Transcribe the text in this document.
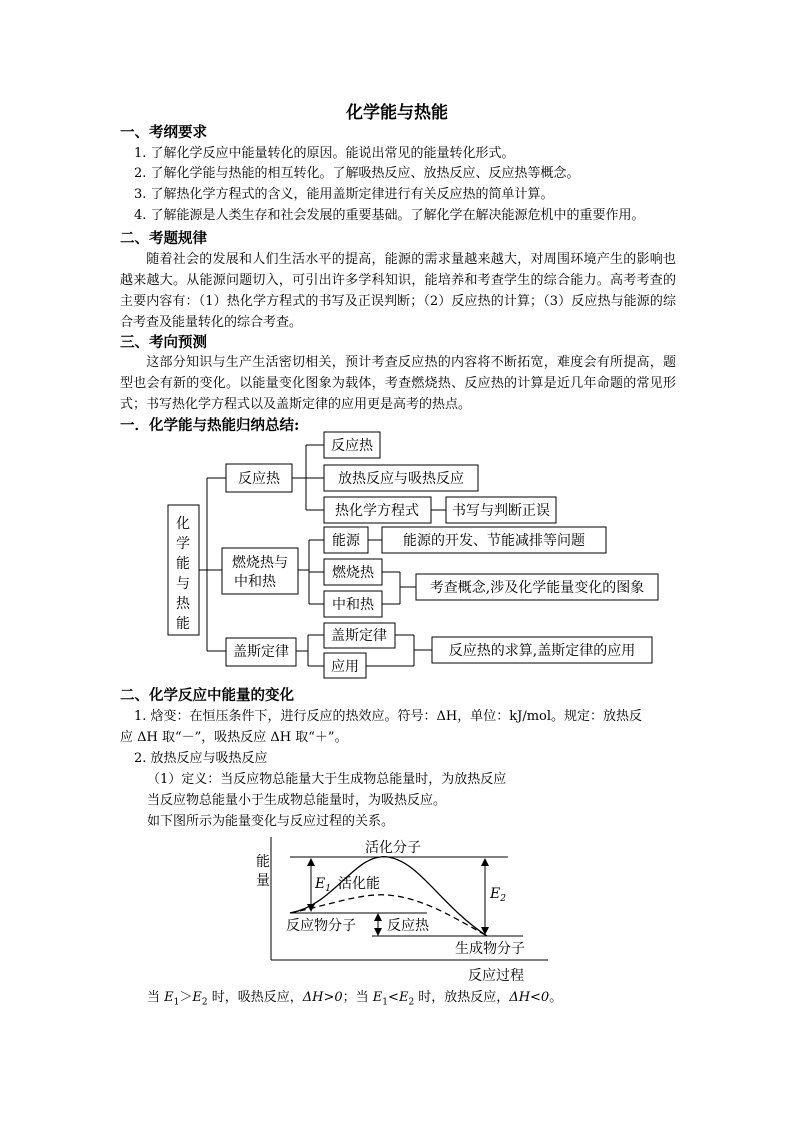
化学能与热能
一、考纲要求
1. 了解化学反应中能量转化的原因。能说出常见的能量转化形式。
2. 了解化学能与热能的相互转化。了解吸热反应、放热反应、反应热等概念。
3. 了解热化学方程式的含义，能用盖斯定律进行有关反应热的简单计算。
4. 了解能源是人类生存和社会发展的重要基础。了解化学在解决能源危机中的重要作用。
二、考题规律
随着社会的发展和人们生活水平的提高，能源的需求量越来越大，对周围环境产生的影响也越来越大。从能源问题切入，可引出许多学科知识，能培养和考查学生的综合能力。高考考查的主要内容有：（1）热化学方程式的书写及正误判断；（2）反应热的计算；（3）反应热与能源的综合考查及能量转化的综合考查。
三、考向预测
这部分知识与生产生活密切相关，预计考查反应热的内容将不断拓宽，难度会有所提高，题型也会有新的变化。以能量变化图象为载体，考查燃烧热、反应热的计算是近几年命题的常见形式；书写热化学方程式以及盖斯定律的应用更是高考的热点。
一．化学能与热能归纳总结:
化
学
能
与
热
能
反应热
反应热
放热反应与吸热反应
热化学方程式 书写与判断正误
燃烧热与
中和热
能源	能源的开发、节能减排等问题
燃烧热
中和热
考查概念,涉及化学能量变化的图象
盖斯定律
盖斯定律
应用
反应热的求算,盖斯定律的应用
二、化学反应中能量的变化
1. 焓变：在恒压条件下，进行反应的热效应。符号：ΔH，单位：kJ/mol。规定：放热反
应 ΔH 取“－”，吸热反应 ΔH 取“＋”。
2. 放热反应与吸热反应
（1）定义：当反应物总能量大于生成物总能量时，为放热反应
当反应物总能量小于生成物总能量时，为吸热反应。
如下图所示为能量变化与反应过程的关系。
能
量
活化分子
$E_1$ 活化能
$E_2$
反应物分子 反应热
生成物分子
反应过程
当 $E_1>E_2$ 时，吸热反应，ΔH>0；当 $E_1<E_2$ 时，放热反应，ΔH<0。
